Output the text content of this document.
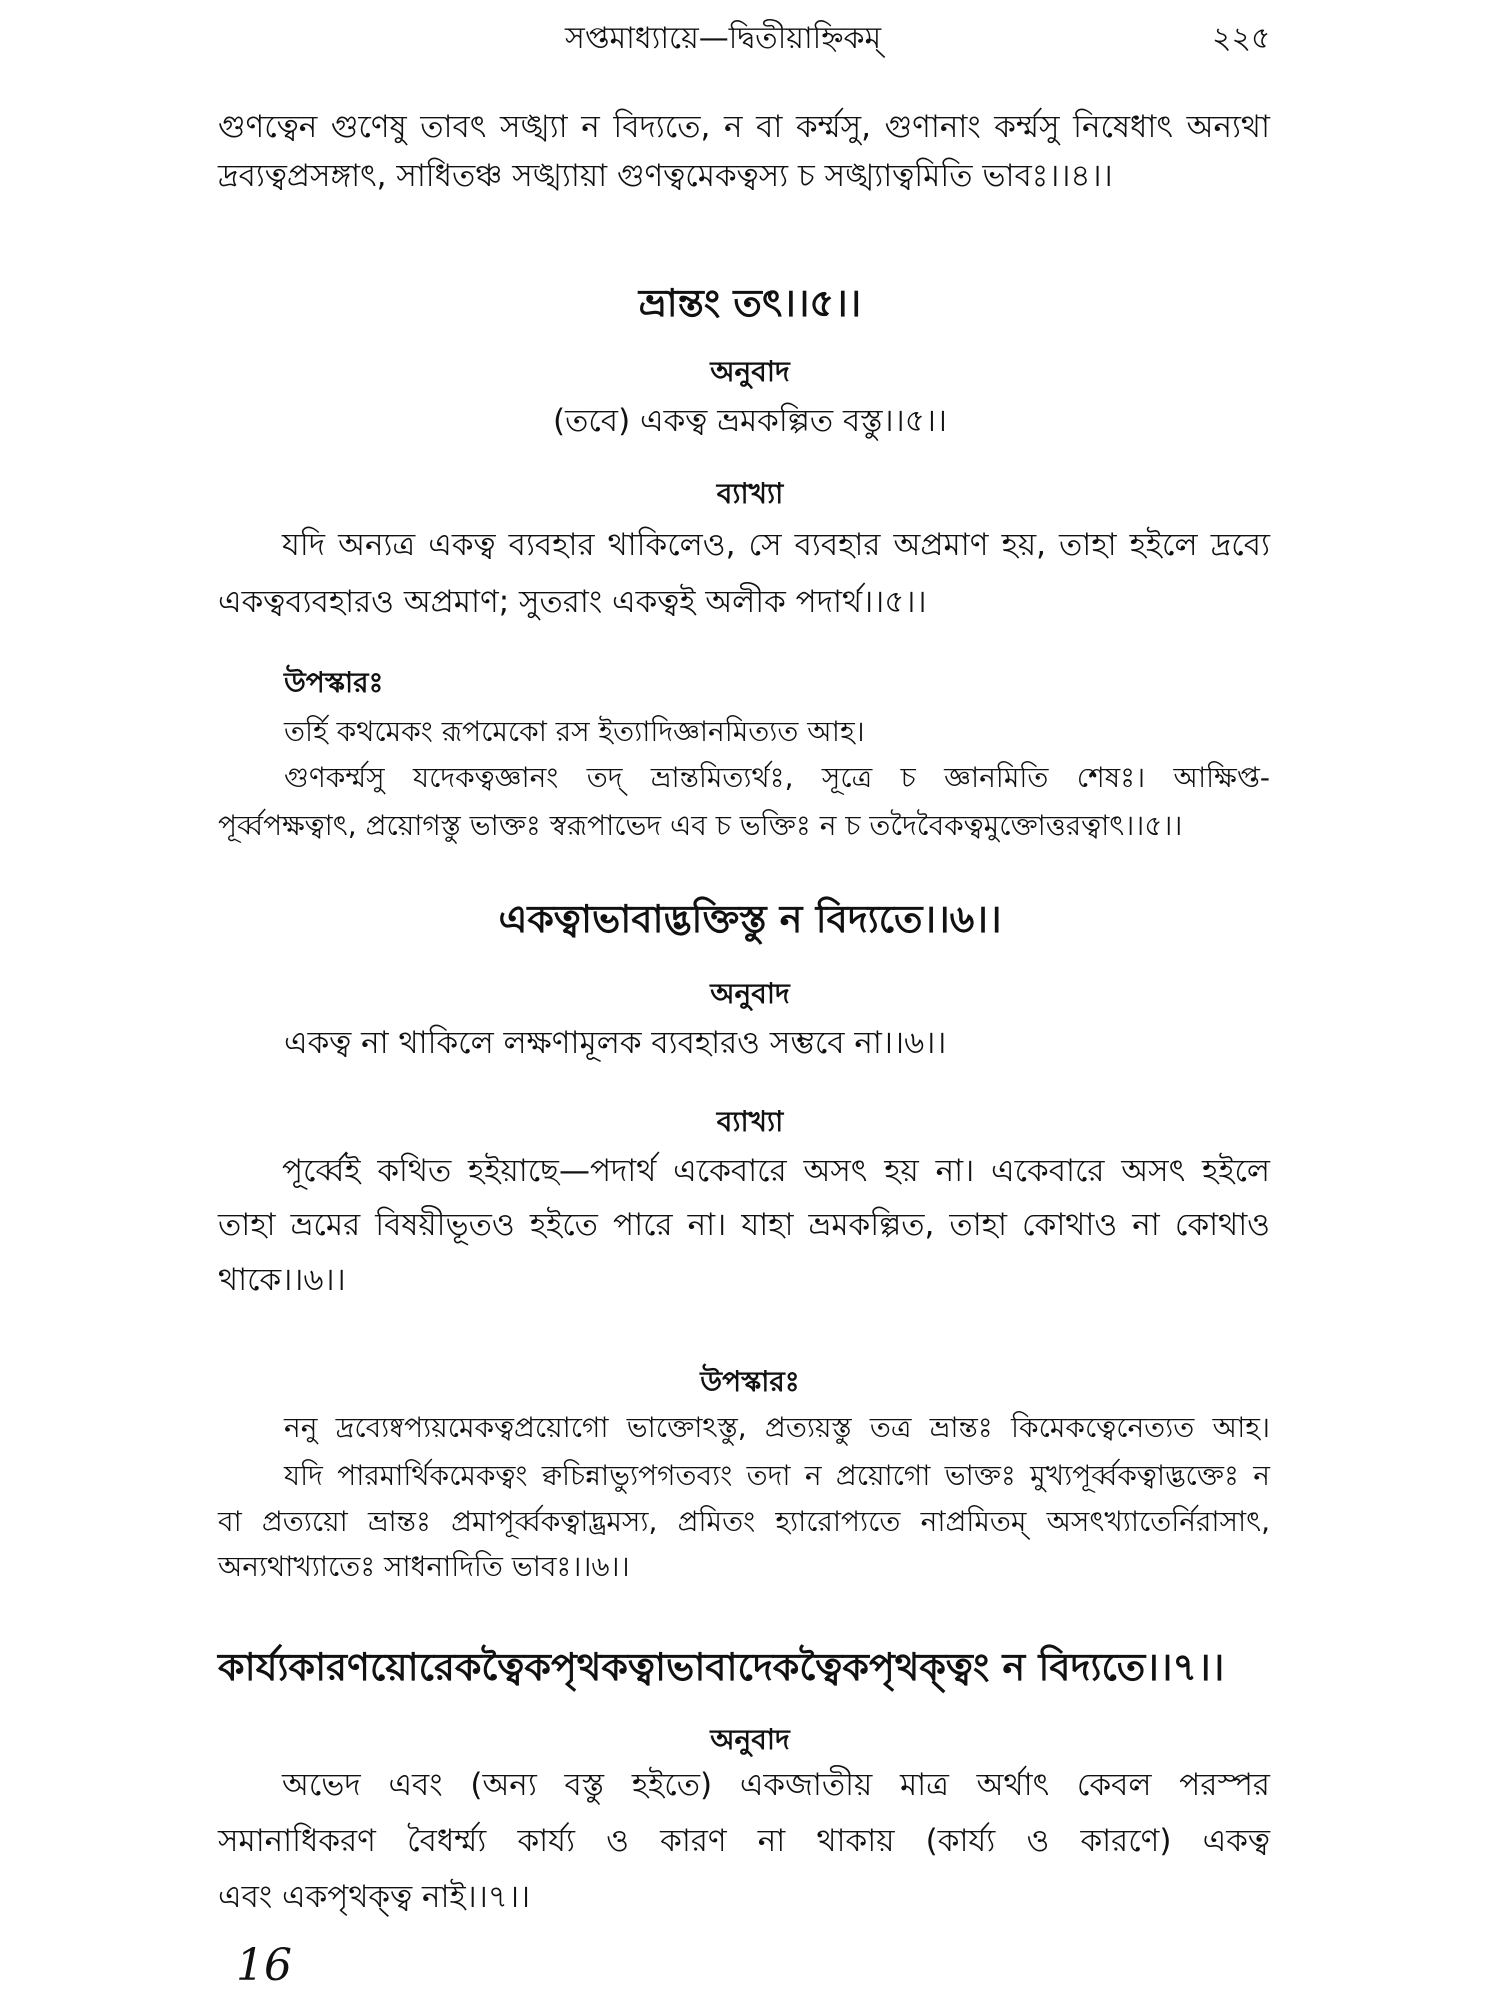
সপ্তমাধ্যায়ে—দ্বিতীয়াহ্নিকম্	২২৫
গুণত্বেন গুণেষু তাবৎ সঙ্খ্যা ন বিদ্যতে, ন বা কর্ম্মসু, গুণানাং কর্ম্মসু নিষেধাৎ অন্যথা
দ্রব্যত্বপ্রসঙ্গাৎ, সাধিতঞ্চ সঙ্খ্যায়া গুণত্বমেকত্বস্য চ সঙ্খ্যাত্বমিতি ভাবঃ।।৪।।
ভ্রান্তং তৎ।।৫।।
অনুবাদ
(তবে) একত্ব ভ্রমকল্পিত বস্তু।।৫।।
ব্যাখ্যা
যদি অন্যত্র একত্ব ব্যবহার থাকিলেও, সে ব্যবহার অপ্রমাণ হয়, তাহা হইলে দ্রব্যে
একত্বব্যবহারও অপ্রমাণ; সুতরাং একত্বই অলীক পদার্থ।।৫।।
উপস্কারঃ
তর্হি কথমেকং রূপমেকো রস ইত্যাদিজ্ঞানমিত্যত আহ।
গুণকর্ম্মসু যদেকত্বজ্ঞানং তদ্ ভ্রান্তমিত্যর্থঃ, সূত্রে চ জ্ঞানমিতি শেষঃ। আক্ষিপ্ত-
পূর্ব্বপক্ষত্বাৎ, প্রয়োগস্তু ভাক্তঃ স্বরূপাভেদ এব চ ভক্তিঃ ন চ তদৈবৈকত্বমুক্তোত্তরত্বাৎ।।৫।।
একত্বাভাবাদ্ভক্তিস্তু ন বিদ্যতে।।৬।।
অনুবাদ
একত্ব না থাকিলে লক্ষণামূলক ব্যবহারও সম্ভবে না।।৬।।
ব্যাখ্যা
পূর্ব্বেই কথিত হইয়াছে—পদার্থ একেবারে অসৎ হয় না। একেবারে অসৎ হইলে
তাহা ভ্রমের বিষয়ীভূতও হইতে পারে না। যাহা ভ্রমকল্পিত, তাহা কোথাও না কোথাও
থাকে।।৬।।
উপস্কারঃ
ননু দ্রব্যেষ্বপ্যয়মেকত্বপ্রয়োগো ভাক্তোঽস্তু, প্রত্যয়স্তু তত্র ভ্রান্তঃ কিমেকত্বেনেত্যত আহ।
যদি পারমার্থিকমেকত্বং ক্বচিন্নাভ্যুপগতব্যং তদা ন প্রয়োগো ভাক্তঃ মুখ্যপূর্ব্বকত্বাদ্ভক্তেঃ ন
বা প্রত্যয়ো ভ্রান্তঃ প্রমাপূর্ব্বকত্বাদ্ভ্রমস্য, প্রমিতং হ্যারোপ্যতে নাপ্রমিতম্ অসৎখ্যাতের্নিরাসাৎ,
অন্যথাখ্যাতেঃ সাধনাদিতি ভাবঃ।।৬।।
কার্য্যকারণয়োরেকত্বৈকপৃথকত্বাভাবাদেকত্বৈকপৃথক্ত্বং ন বিদ্যতে।।৭।।
অনুবাদ
অভেদ এবং (অন্য বস্তু হইতে) একজাতীয় মাত্র অর্থাৎ কেবল পরস্পর
সমানাধিকরণ বৈধর্ম্ম্য কার্য্য ও কারণ না থাকায় (কার্য্য ও কারণে) একত্ব
এবং একপৃথক্ত্ব নাই।।৭।।
16
